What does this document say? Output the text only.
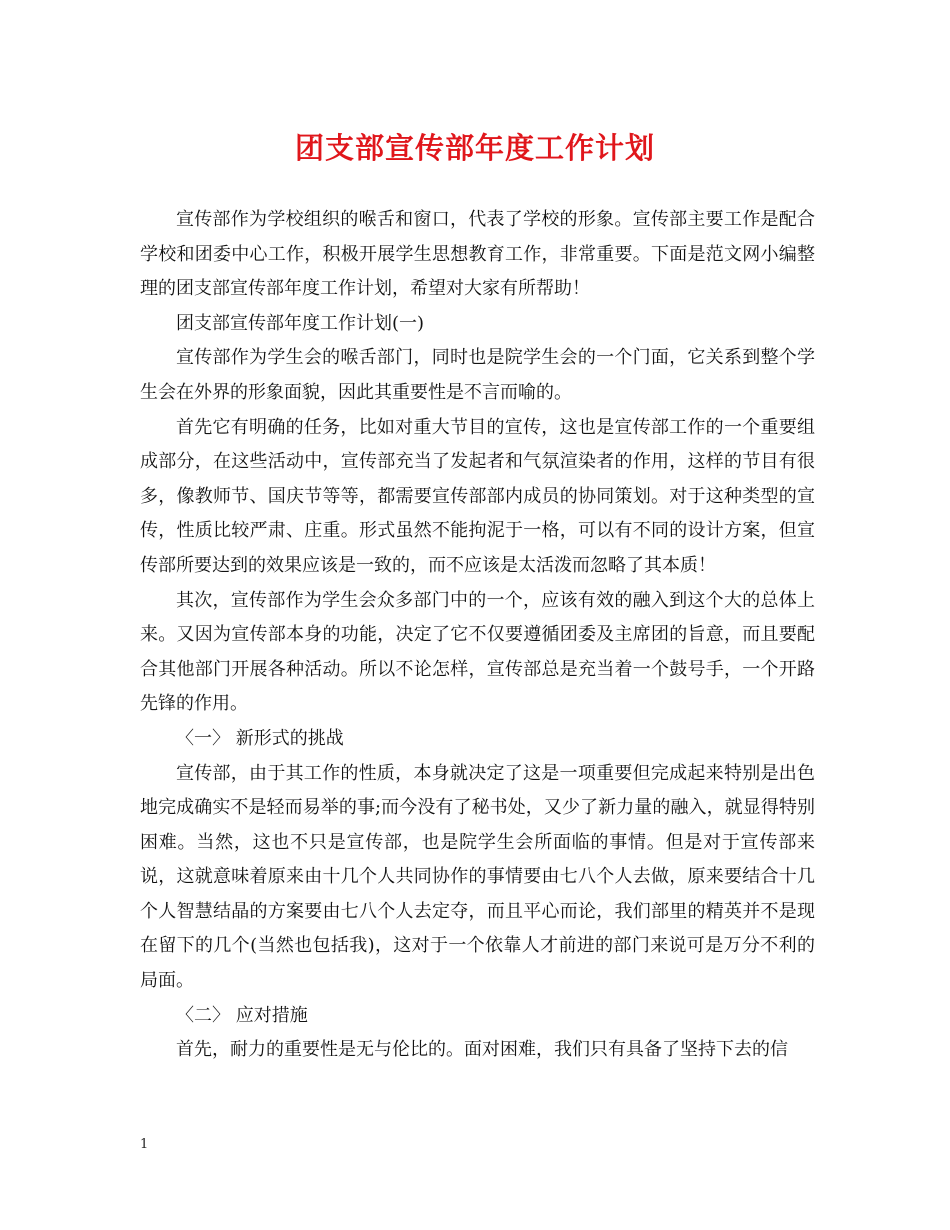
团支部宣传部年度工作计划

宣传部作为学校组织的喉舌和窗口，代表了学校的形象。宣传部主要工作是配合学校和团委中心工作，积极开展学生思想教育工作，非常重要。下面是范文网小编整理的团支部宣传部年度工作计划，希望对大家有所帮助！

团支部宣传部年度工作计划(一)

宣传部作为学生会的喉舌部门，同时也是院学生会的一个门面，它关系到整个学生会在外界的形象面貌，因此其重要性是不言而喻的。

首先它有明确的任务，比如对重大节目的宣传，这也是宣传部工作的一个重要组成部分，在这些活动中，宣传部充当了发起者和气氛渲染者的作用，这样的节目有很多，像教师节、国庆节等等，都需要宣传部部内成员的协同策划。对于这种类型的宣传，性质比较严肃、庄重。形式虽然不能拘泥于一格，可以有不同的设计方案，但宣传部所要达到的效果应该是一致的，而不应该是太活泼而忽略了其本质！

其次，宣传部作为学生会众多部门中的一个，应该有效的融入到这个大的总体上来。又因为宣传部本身的功能，决定了它不仅要遵循团委及主席团的旨意，而且要配合其他部门开展各种活动。所以不论怎样，宣传部总是充当着一个鼓号手，一个开路先锋的作用。

〈一〉 新形式的挑战

宣传部，由于其工作的性质，本身就决定了这是一项重要但完成起来特别是出色地完成确实不是轻而易举的事;而今没有了秘书处，又少了新力量的融入，就显得特别困难。当然，这也不只是宣传部，也是院学生会所面临的事情。但是对于宣传部来说，这就意味着原来由十几个人共同协作的事情要由七八个人去做，原来要结合十几个人智慧结晶的方案要由七八个人去定夺，而且平心而论，我们部里的精英并不是现在留下的几个(当然也包括我)，这对于一个依靠人才前进的部门来说可是万分不利的局面。

〈二〉 应对措施

首先，耐力的重要性是无与伦比的。面对困难，我们只有具备了坚持下去的信

1
